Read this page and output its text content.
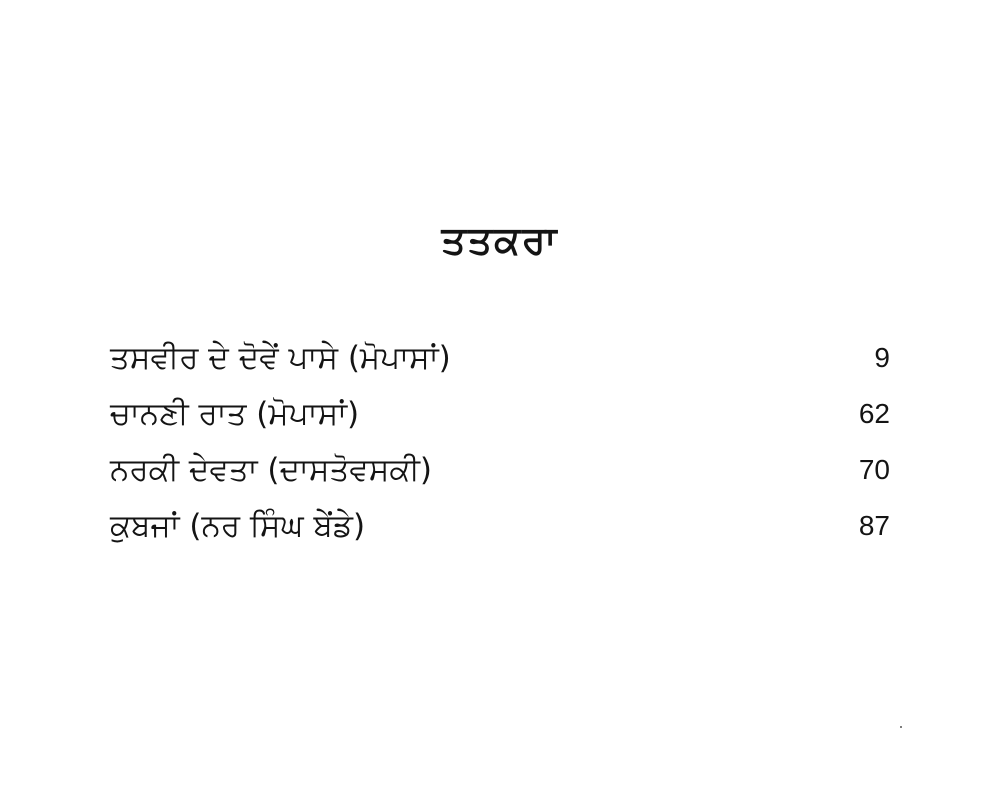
ਤਤਕਰਾ
ਤਸਵੀਰ ਦੇ ਦੋਵੇਂ ਪਾਸੇ (ਮੋਪਾਸਾਂ)	9
ਚਾਨਣੀ ਰਾਤ (ਮੋਪਾਸਾਂ)	62
ਨਰਕੀ ਦੇਵਤਾ (ਦਾਸਤੋਵਸਕੀ)	70
ਕੁਬਜਾਂ (ਨਰ ਸਿੰਘ ਬੇਂਡੇ)	87
